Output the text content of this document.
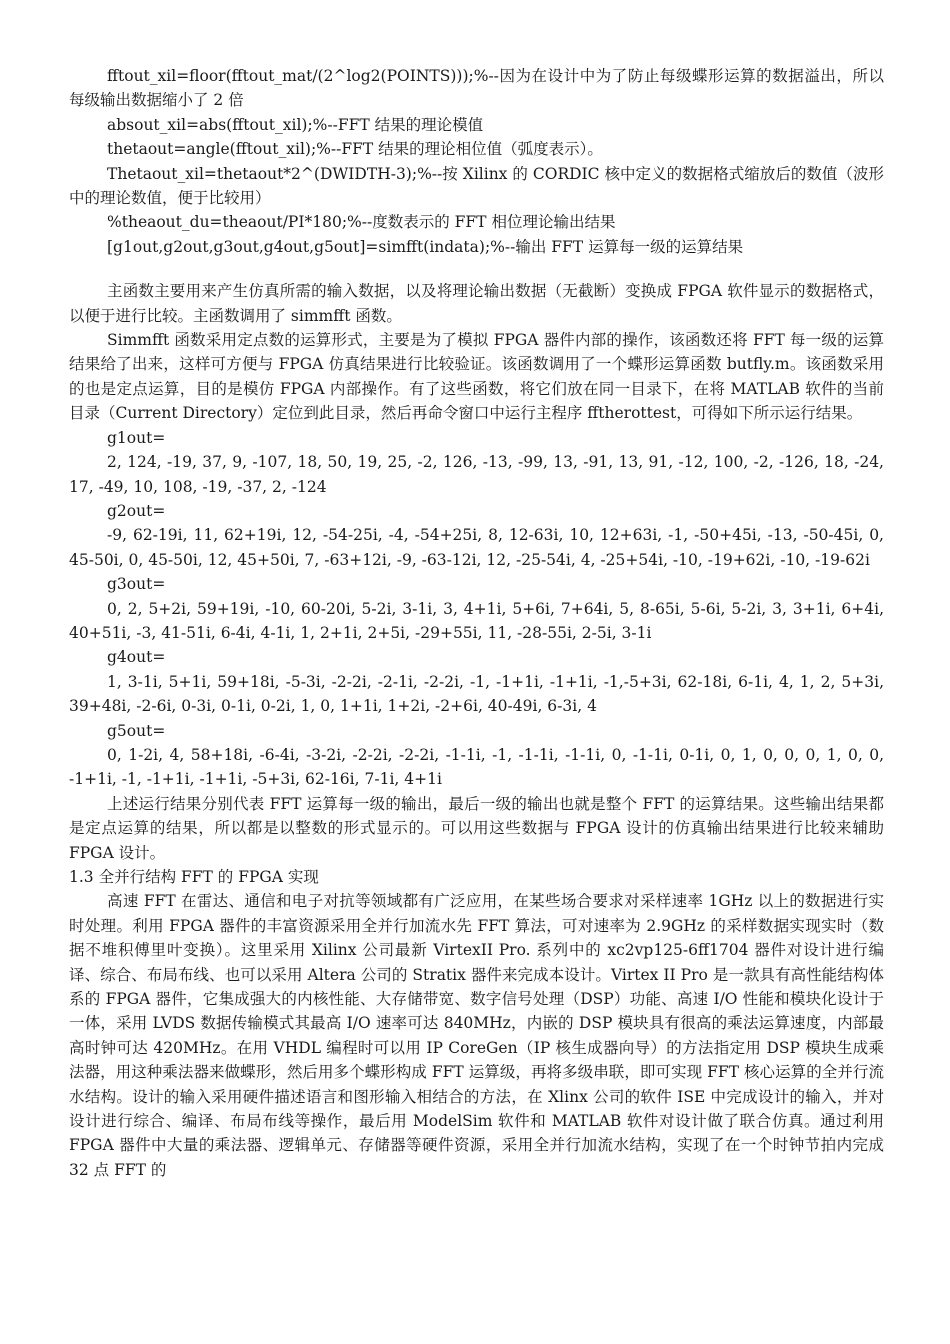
fftout_xil=floor(fftout_mat/(2^log2(POINTS)));%--因为在设计中为了防止每级蝶形运算的数据溢出，所以每级输出数据缩小了 2 倍

absout_xil=abs(fftout_xil);%--FFT 结果的理论模值

thetaout=angle(fftout_xil);%--FFT 结果的理论相位值（弧度表示）。

Thetaout_xil=thetaout*2^(DWIDTH-3);%--按 Xilinx 的 CORDIC 核中定义的数据格式缩放后的数值（波形中的理论数值，便于比较用）

%theaout_du=theaout/PI*180;%--度数表示的 FFT 相位理论输出结果

[g1out,g2out,g3out,g4out,g5out]=simfft(indata);%--输出 FFT 运算每一级的运算结果

主函数主要用来产生仿真所需的输入数据，以及将理论输出数据（无截断）变换成 FPGA 软件显示的数据格式，以便于进行比较。主函数调用了 simmfft 函数。

Simmfft 函数采用定点数的运算形式，主要是为了模拟 FPGA 器件内部的操作，该函数还将 FFT 每一级的运算结果给了出来，这样可方便与 FPGA 仿真结果进行比较验证。该函数调用了一个蝶形运算函数 butfly.m。该函数采用的也是定点运算，目的是模仿 FPGA 内部操作。有了这些函数，将它们放在同一目录下，在将 MATLAB 软件的当前目录（Current Directory）定位到此目录，然后再命令窗口中运行主程序 fftherottest，可得如下所示运行结果。

g1out=

2, 124, -19, 37, 9, -107, 18, 50, 19, 25, -2, 126, -13, -99, 13, -91, 13, 91, -12, 100, -2, -126, 18, -24, 17, -49, 10, 108, -19, -37, 2, -124

g2out=

-9, 62-19i, 11, 62+19i, 12, -54-25i, -4, -54+25i, 8, 12-63i, 10, 12+63i, -1, -50+45i, -13, -50-45i, 0, 45-50i, 0, 45-50i, 12, 45+50i, 7, -63+12i, -9, -63-12i, 12, -25-54i, 4, -25+54i, -10, -19+62i, -10, -19-62i

g3out=

0, 2, 5+2i, 59+19i, -10, 60-20i, 5-2i, 3-1i, 3, 4+1i, 5+6i, 7+64i, 5, 8-65i, 5-6i, 5-2i, 3, 3+1i, 6+4i, 40+51i, -3, 41-51i, 6-4i, 4-1i, 1, 2+1i, 2+5i, -29+55i, 11, -28-55i, 2-5i, 3-1i

g4out=

1, 3-1i, 5+1i, 59+18i, -5-3i, -2-2i, -2-1i, -2-2i, -1, -1+1i, -1+1i, -1,-5+3i, 62-18i, 6-1i, 4, 1, 2, 5+3i, 39+48i, -2-6i, 0-3i, 0-1i, 0-2i, 1, 0, 1+1i, 1+2i, -2+6i, 40-49i, 6-3i, 4

g5out=

0, 1-2i, 4, 58+18i, -6-4i, -3-2i, -2-2i, -2-2i, -1-1i, -1, -1-1i, -1-1i, 0, -1-1i, 0-1i, 0, 1, 0, 0, 0, 1, 0, 0, -1+1i, -1, -1+1i, -1+1i, -5+3i, 62-16i, 7-1i, 4+1i

上述运行结果分别代表 FFT 运算每一级的输出，最后一级的输出也就是整个 FFT 的运算结果。这些输出结果都是定点运算的结果，所以都是以整数的形式显示的。可以用这些数据与 FPGA 设计的仿真输出结果进行比较来辅助 FPGA 设计。

1.3 全并行结构 FFT 的 FPGA 实现

高速 FFT 在雷达、通信和电子对抗等领域都有广泛应用，在某些场合要求对采样速率 1GHz 以上的数据进行实时处理。利用 FPGA 器件的丰富资源采用全并行加流水先 FFT 算法，可对速率为 2.9GHz 的采样数据实现实时（数据不堆积傅里叶变换）。这里采用 Xilinx 公司最新 VirtexII Pro. 系列中的 xc2vp125-6ff1704 器件对设计进行编译、综合、布局布线、也可以采用 Altera 公司的 Stratix 器件来完成本设计。Virtex II Pro 是一款具有高性能结构体系的 FPGA 器件，它集成强大的内核性能、大存储带宽、数字信号处理（DSP）功能、高速 I/O 性能和模块化设计于一体，采用 LVDS 数据传输模式其最高 I/O 速率可达 840MHz，内嵌的 DSP 模块具有很高的乘法运算速度，内部最高时钟可达 420MHz。在用 VHDL 编程时可以用 IP CoreGen（IP 核生成器向导）的方法指定用 DSP 模块生成乘法器，用这种乘法器来做蝶形，然后用多个蝶形构成 FFT 运算级，再将多级串联，即可实现 FFT 核心运算的全并行流水结构。设计的输入采用硬件描述语言和图形输入相结合的方法，在 Xlinx 公司的软件 ISE 中完成设计的输入，并对设计进行综合、编译、布局布线等操作，最后用 ModelSim 软件和 MATLAB 软件对设计做了联合仿真。通过利用 FPGA 器件中大量的乘法器、逻辑单元、存储器等硬件资源，采用全并行加流水结构，实现了在一个时钟节拍内完成 32 点 FFT 的
